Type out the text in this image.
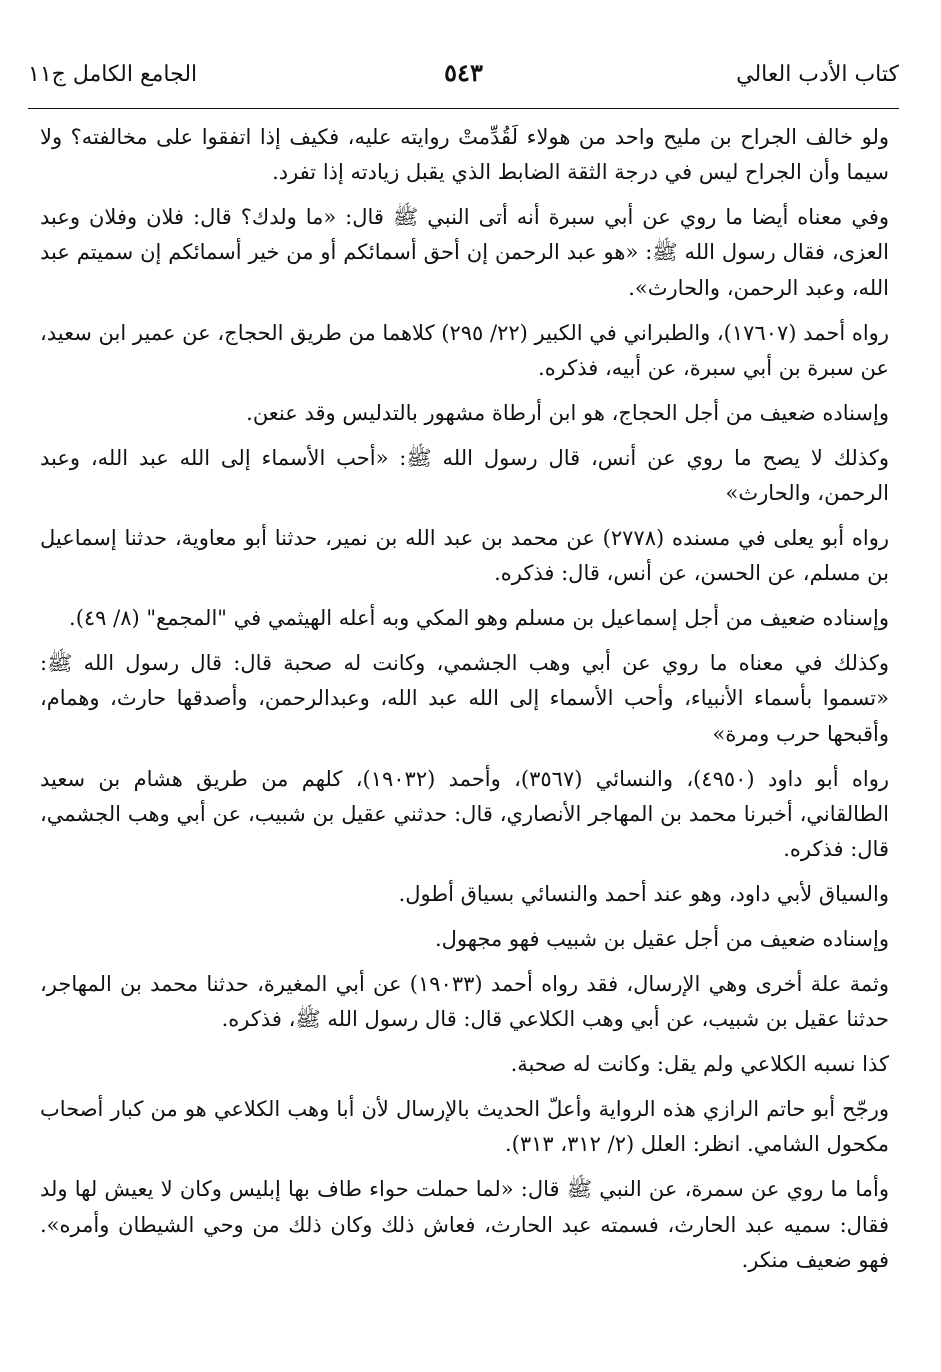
كتاب الأدب العالي
٥٤٣
الجامع الكامل ج١١

ولو خالف الجراح بن مليح واحد من هولاء لَقُدِّمتْ روايته عليه، فكيف إذا اتفقوا على مخالفته؟ ولا سيما وأن الجراح ليس في درجة الثقة الضابط الذي يقبل زيادته إذا تفرد.

وفي معناه أيضا ما روي عن أبي سبرة أنه أتى النبي ﷺ قال: «ما ولدك؟ قال: فلان وفلان وعبد العزى، فقال رسول الله ﷺ: «هو عبد الرحمن إن أحق أسمائكم أو من خير أسمائكم إن سميتم عبد الله، وعبد الرحمن، والحارث».

رواه أحمد (١٧٦٠٧)، والطبراني في الكبير (٢٢/ ٢٩٥) كلاهما من طريق الحجاج، عن عمير ابن سعيد، عن سبرة بن أبي سبرة، عن أبيه، فذكره.

وإسناده ضعيف من أجل الحجاج، هو ابن أرطاة مشهور بالتدليس وقد عنعن.

وكذلك لا يصح ما روي عن أنس، قال رسول الله ﷺ: «أحب الأسماء إلى الله عبد الله، وعبد الرحمن، والحارث»

رواه أبو يعلى في مسنده (٢٧٧٨) عن محمد بن عبد الله بن نمير، حدثنا أبو معاوية، حدثنا إسماعيل بن مسلم، عن الحسن، عن أنس، قال: فذكره.

وإسناده ضعيف من أجل إسماعيل بن مسلم وهو المكي وبه أعله الهيثمي في "المجمع" (٨/ ٤٩).

وكذلك في معناه ما روي عن أبي وهب الجشمي، وكانت له صحبة قال: قال رسول الله ﷺ: «تسموا بأسماء الأنبياء، وأحب الأسماء إلى الله عبد الله، وعبدالرحمن، وأصدقها حارث، وهمام، وأقبحها حرب ومرة»

رواه أبو داود (٤٩٥٠)، والنسائي (٣٥٦٧)، وأحمد (١٩٠٣٢)، كلهم من طريق هشام بن سعيد الطالقاني، أخبرنا محمد بن المهاجر الأنصاري، قال: حدثني عقيل بن شبيب، عن أبي وهب الجشمي، قال: فذكره.

والسياق لأبي داود، وهو عند أحمد والنسائي بسياق أطول.

وإسناده ضعيف من أجل عقيل بن شبيب فهو مجهول.

وثمة علة أخرى وهي الإرسال، فقد رواه أحمد (١٩٠٣٣) عن أبي المغيرة، حدثنا محمد بن المهاجر، حدثنا عقيل بن شبيب، عن أبي وهب الكلاعي قال: قال رسول الله ﷺ، فذكره.

كذا نسبه الكلاعي ولم يقل: وكانت له صحبة.

ورجّح أبو حاتم الرازي هذه الرواية وأعلّ الحديث بالإرسال لأن أبا وهب الكلاعي هو من كبار أصحاب مكحول الشامي. انظر: العلل (٢/ ٣١٢، ٣١٣).

وأما ما روي عن سمرة، عن النبي ﷺ قال: «لما حملت حواء طاف بها إبليس وكان لا يعيش لها ولد فقال: سميه عبد الحارث، فسمته عبد الحارث، فعاش ذلك وكان ذلك من وحي الشيطان وأمره». فهو ضعيف منكر.
